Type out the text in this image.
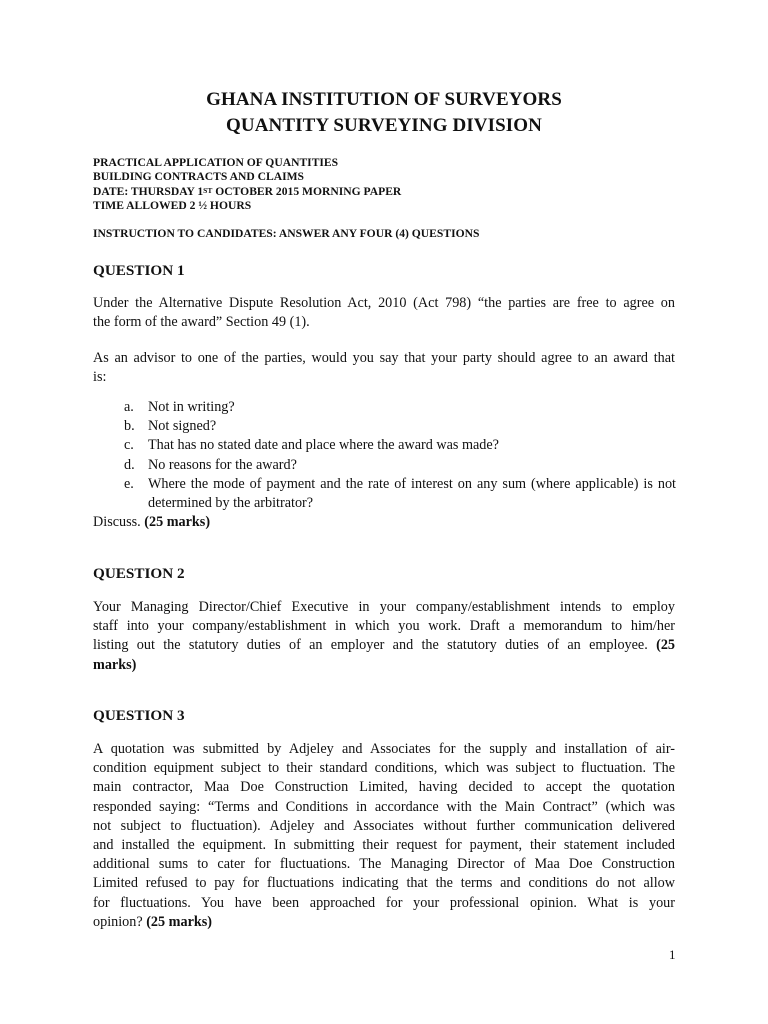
GHANA INSTITUTION OF SURVEYORS
QUANTITY SURVEYING DIVISION
PRACTICAL APPLICATION OF QUANTITIES
BUILDING CONTRACTS AND CLAIMS
DATE: THURSDAY 1ST OCTOBER 2015 MORNING PAPER
TIME ALLOWED 2 ½ HOURS
INSTRUCTION TO CANDIDATES: ANSWER ANY FOUR (4) QUESTIONS
QUESTION 1
Under the Alternative Dispute Resolution Act, 2010 (Act 798) “the parties are free to agree on
the form of the award” Section 49 (1).
As an advisor to one of the parties, would you say that your party should agree to an award that
is:
a. Not in writing?
b. Not signed?
c. That has no stated date and place where the award was made?
d. No reasons for the award?
e. Where the mode of payment and the rate of interest on any sum (where applicable) is not determined by the arbitrator?
Discuss. (25 marks)
QUESTION 2
Your Managing Director/Chief Executive in your company/establishment intends to employ
staff into your company/establishment in which you work. Draft a memorandum to him/her
listing out the statutory duties of an employer and the statutory duties of an employee. (25
marks)
QUESTION 3
A quotation was submitted by Adjeley and Associates for the supply and installation of air-
condition equipment subject to their standard conditions, which was subject to fluctuation. The
main contractor, Maa Doe Construction Limited, having decided to accept the quotation
responded saying: “Terms and Conditions in accordance with the Main Contract” (which was
not subject to fluctuation). Adjeley and Associates without further communication delivered
and installed the equipment. In submitting their request for payment, their statement included
additional sums to cater for fluctuations. The Managing Director of Maa Doe Construction
Limited refused to pay for fluctuations indicating that the terms and conditions do not allow
for fluctuations. You have been approached for your professional opinion. What is your
opinion? (25 marks)
1
